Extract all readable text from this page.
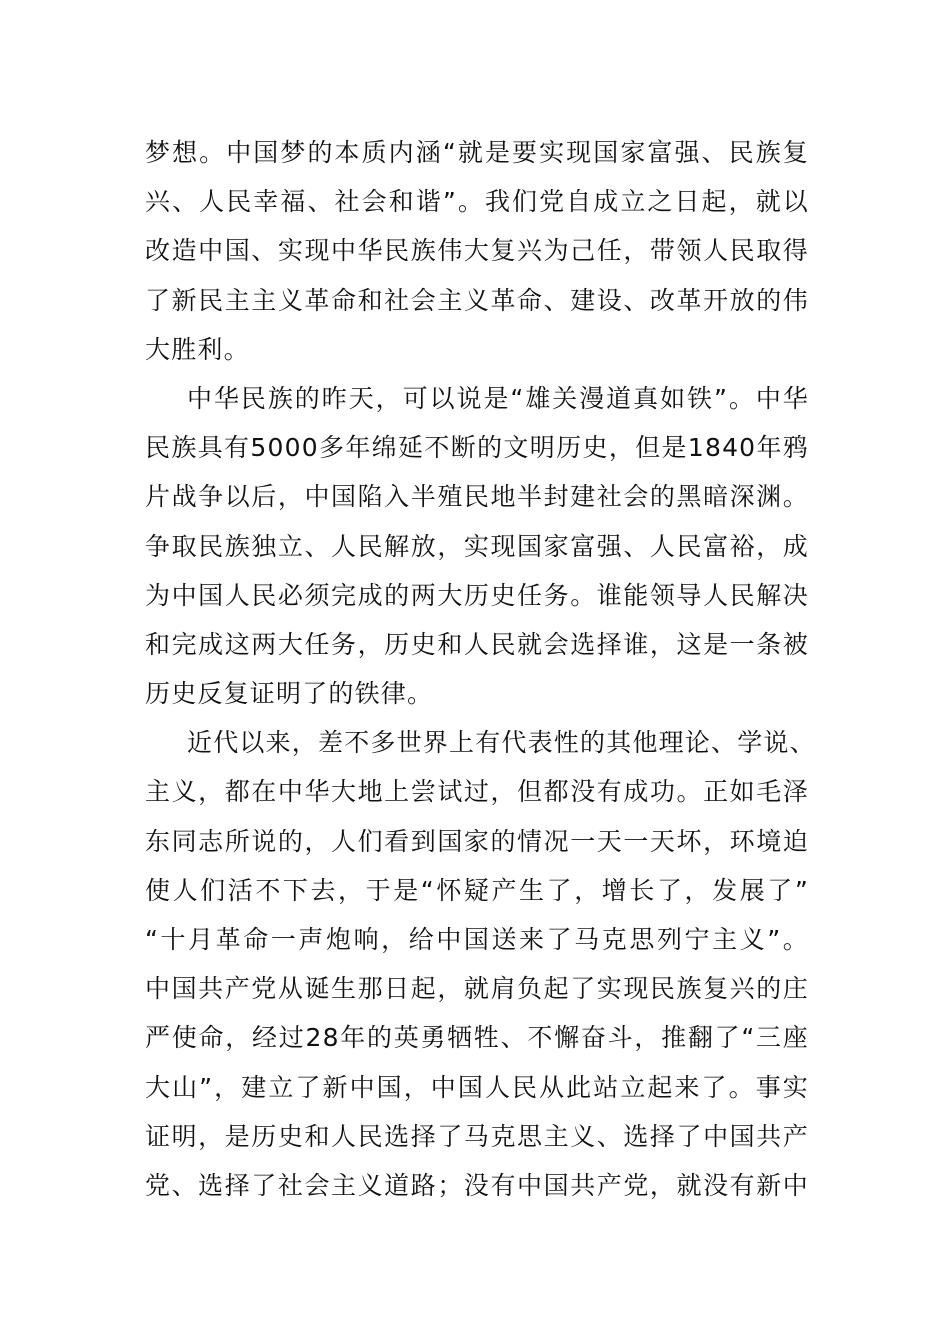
梦想。中国梦的本质内涵“就是要实现国家富强、民族复
兴、人民幸福、社会和谐”。我们党自成立之日起，就以
改造中国、实现中华民族伟大复兴为己任，带领人民取得
了新民主主义革命和社会主义革命、建设、改革开放的伟
大胜利。
中华民族的昨天，可以说是“雄关漫道真如铁”。中华
民族具有5000多年绵延不断的文明历史，但是1840年鸦
片战争以后，中国陷入半殖民地半封建社会的黑暗深渊。
争取民族独立、人民解放，实现国家富强、人民富裕，成
为中国人民必须完成的两大历史任务。谁能领导人民解决
和完成这两大任务，历史和人民就会选择谁，这是一条被
历史反复证明了的铁律。
近代以来，差不多世界上有代表性的其他理论、学说、
主义，都在中华大地上尝试过，但都没有成功。正如毛泽
东同志所说的，人们看到国家的情况一天一天坏，环境迫
使人们活不下去，于是“怀疑产生了，增长了，发展了”
“十月革命一声炮响，给中国送来了马克思列宁主义”。
中国共产党从诞生那日起，就肩负起了实现民族复兴的庄
严使命，经过28年的英勇牺牲、不懈奋斗，推翻了“三座
大山”，建立了新中国，中国人民从此站立起来了。事实
证明，是历史和人民选择了马克思主义、选择了中国共产
党、选择了社会主义道路；没有中国共产党，就没有新中
